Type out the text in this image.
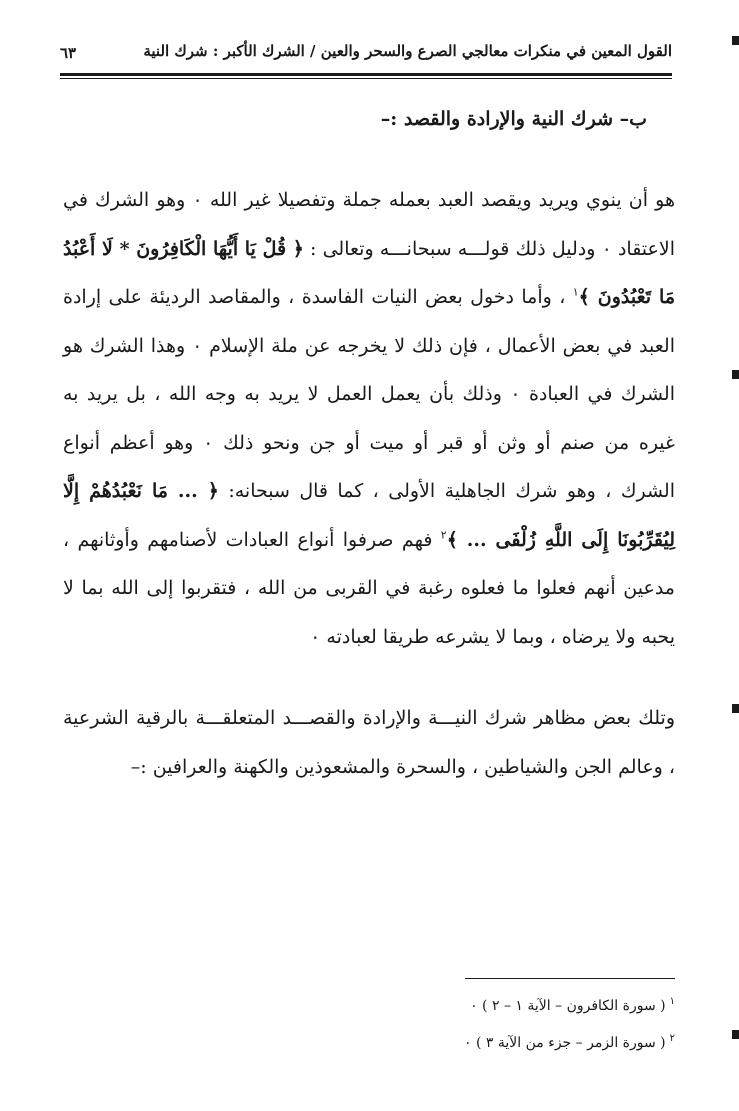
القول المعين في منكرات معالجي الصرع والسحر والعين / الشرك الأكبر : شرك النية
٦٣
ب– شرك النية والإرادة والقصد :–
هو أن ينوي ويريد ويقصد العبد بعمله جملة وتفصيلا غير الله ۰ وهو الشرك في الاعتقاد ۰ ودليل ذلك قولـــه سبحانـــه وتعالى : ﴿ قُلْ يَا أَيُّهَا الْكَافِرُونَ * لَا أَعْبُدُ مَا تَعْبُدُونَ ﴾$^١$ ، وأما دخول بعض النيات الفاسدة ، والمقاصد الرديئة على إرادة العبد في بعض الأعمال ، فإن ذلك لا يخرجه عن ملة الإسلام ۰ وهذا الشرك هو الشرك في العبادة ۰ وذلك بأن يعمل العمل لا يريد به وجه الله ، بل يريد به غيره من صنم أو وثن أو قبر أو ميت أو جن ونحو ذلك ۰ وهو أعظم أنواع الشرك ، وهو شرك الجاهلية الأولى ، كما قال سبحانه: ﴿ ... مَا نَعْبُدُهُمْ إِلَّا لِيُقَرِّبُونَا إِلَى اللَّهِ زُلْفَى ... ﴾$^٢$ فهم صرفوا أنواع العبادات لأصنامهم وأوثانهم ، مدعين أنهم فعلوا ما فعلوه رغبة في القربى من الله ، فتقربوا إلى الله بما لا يحبه ولا يرضاه ، وبما لا يشرعه طريقا لعبادته ۰
وتلك بعض مظاهر شرك النيـــة والإرادة والقصـــد المتعلقـــة بالرقية الشرعية ، وعالم الجن والشياطين ، والسحرة والمشعوذين والكهنة والعرافين :–
$^١$( سورة الكافرون – الآية ١ – ٢ ) ۰
$^٢$( سورة الزمر – جزء من الآية ٣ ) ۰
